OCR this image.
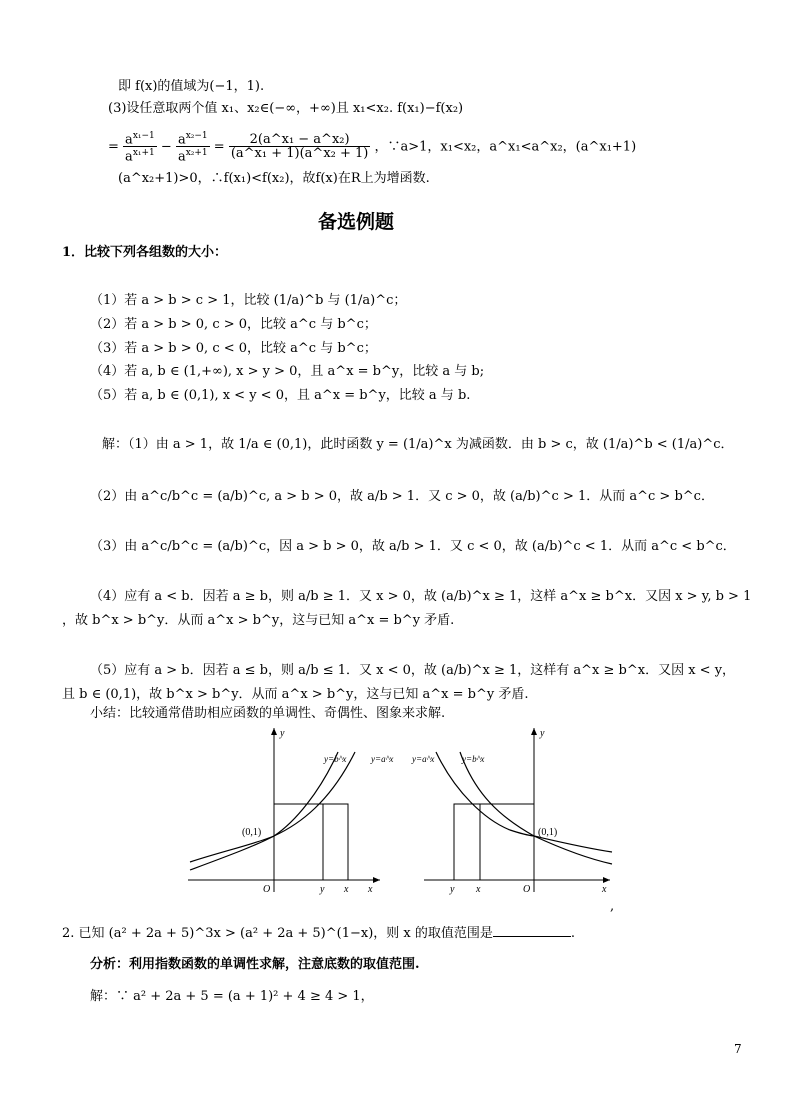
即 f(x)的值域为(−1，1).
(3)设任意取两个值 x₁、x₂∈(−∞，+∞)且 x₁<x₂. f(x₁)−f(x₂)
= $\frac{a^{x_1-1}}{a^{x_1+1}} - \frac{a^{x_2-1}}{a^{x_2+1}} = \frac{\text{2(a\textasciicircum{}x₁ − a\textasciicircum{}x₂)}}{\text{(a\textasciicircum{}x₁ + 1)(a\textasciicircum{}x₂ + 1)}}$ ，∵a>1，x₁<x₂，a^x₁<a^x₂，(a^x₁+1)
(a^x₂+1)>0，∴f(x₁)<f(x₂)，故f(x)在R上为增函数.
备选例题
1．比较下列各组数的大小：
（1）若 a > b > c > 1，比较 (1/a)^b 与 (1/a)^c；
（2）若 a > b > 0, c > 0，比较 a^c 与 b^c；
（3）若 a > b > 0, c < 0，比较 a^c 与 b^c；
（4）若 a, b ∈ (1,+∞), x > y > 0，且 a^x = b^y，比较 a 与 b;
（5）若 a, b ∈ (0,1), x < y < 0，且 a^x = b^y，比较 a 与 b.
解：（1）由 a > 1，故 1/a ∈ (0,1)，此时函数 y = (1/a)^x 为减函数．由 b > c，故 (1/a)^b < (1/a)^c．
（2）由 a^c/b^c = (a/b)^c, a > b > 0，故 a/b > 1．又 c > 0，故 (a/b)^c > 1．从而 a^c > b^c．
（3）由 a^c/b^c = (a/b)^c，因 a > b > 0，故 a/b > 1．又 c < 0，故 (a/b)^c < 1．从而 a^c < b^c．
（4）应有 a < b．因若 a ≥ b，则 a/b ≥ 1．又 x > 0，故 (a/b)^x ≥ 1，这样 a^x ≥ b^x．又因 x > y, b > 1
，故 b^x > b^y．从而 a^x > b^y，这与已知 a^x = b^y 矛盾.
（5）应有 a > b．因若 a ≤ b，则 a/b ≤ 1．又 x < 0，故 (a/b)^x ≥ 1，这样有 a^x ≥ b^x．又因 x < y，
且 b ∈ (0,1)，故 b^x > b^y．从而 a^x > b^y，这与已知 a^x = b^y 矛盾.
小结：比较通常借助相应函数的单调性、奇偶性、图象来求解.
y
x
O
(0,1)
y x
y=b^x	y=a^x
y
x
O
(0,1)
y x
y=a^x	y=b^x
,
2. 已知 (a² + 2a + 5)^3x > (a² + 2a + 5)^(1−x)，则 x 的取值范围是	.
分析：利用指数函数的单调性求解，注意底数的取值范围.
解：∵ a² + 2a + 5 = (a + 1)² + 4 ≥ 4 > 1，
7
